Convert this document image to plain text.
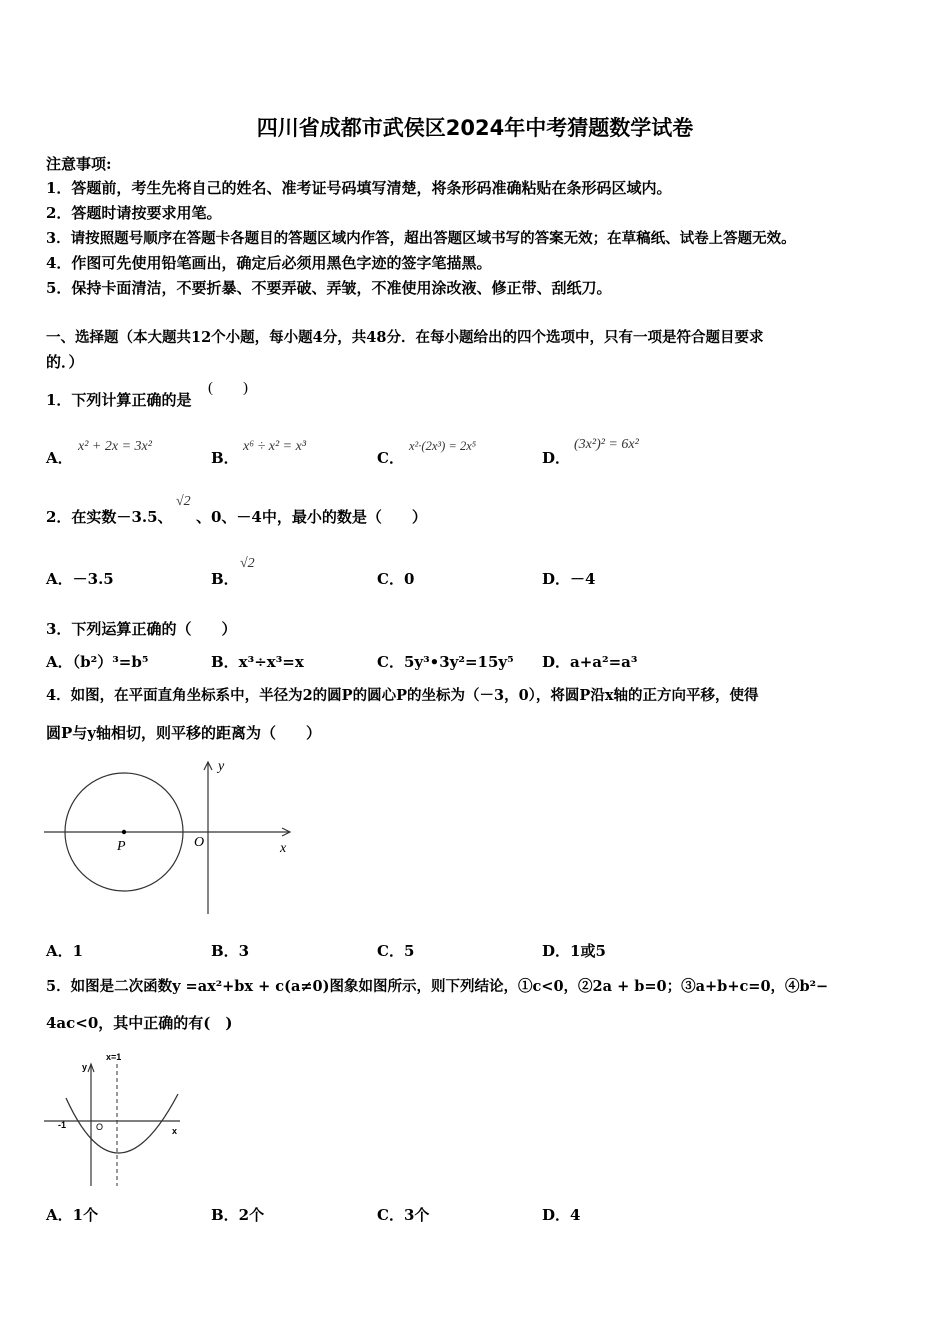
四川省成都市武侯区2024年中考猜题数学试卷
注意事项:
1．答题前，考生先将自己的姓名、准考证号码填写清楚，将条形码准确粘贴在条形码区域内。
2．答题时请按要求用笔。
3．请按照题号顺序在答题卡各题目的答题区域内作答，超出答题区域书写的答案无效；在草稿纸、试卷上答题无效。
4．作图可先使用铅笔画出，确定后必须用黑色字迹的签字笔描黑。
5．保持卡面清洁，不要折暴、不要弄破、弄皱，不准使用涂改液、修正带、刮纸刀。
一、选择题（本大题共12个小题，每小题4分，共48分．在每小题给出的四个选项中，只有一项是符合题目要求
的．）
1．下列计算正确的是
(　　)
A．
x² + 2x = 3x²
B．
x⁶ ÷ x² = x³
C．
x²·(2x³) = 2x⁵
D．
(3x²)² = 6x²
2．在实数－3.5、
√2
、0、－4中，最小的数是（　　）
A．－3.5	B．
√2
C．0	D．－4
3．下列运算正确的（　　）
A．（b²）³=b⁵	B．x³÷x³=x	C．5y³•3y²=15y⁵ D．a+a²=a³
4．如图，在平面直角坐标系中，半径为2的圆P的圆心P的坐标为（－3，0），将圆P沿x轴的正方向平移，使得
圆P与y轴相切，则平移的距离为（　　）
P	O	x
y
A．1	B．3	C．5	D．1或5
5．如图是二次函数y =ax²+bx + c(a≠0)图象如图所示，则下列结论，①c<0，②2a + b=0；③a+b+c=0，④b²−
4ac<0，其中正确的有(　)
x=1
y
x
O
-1
A．1个	B．2个	C．3个	D．4
